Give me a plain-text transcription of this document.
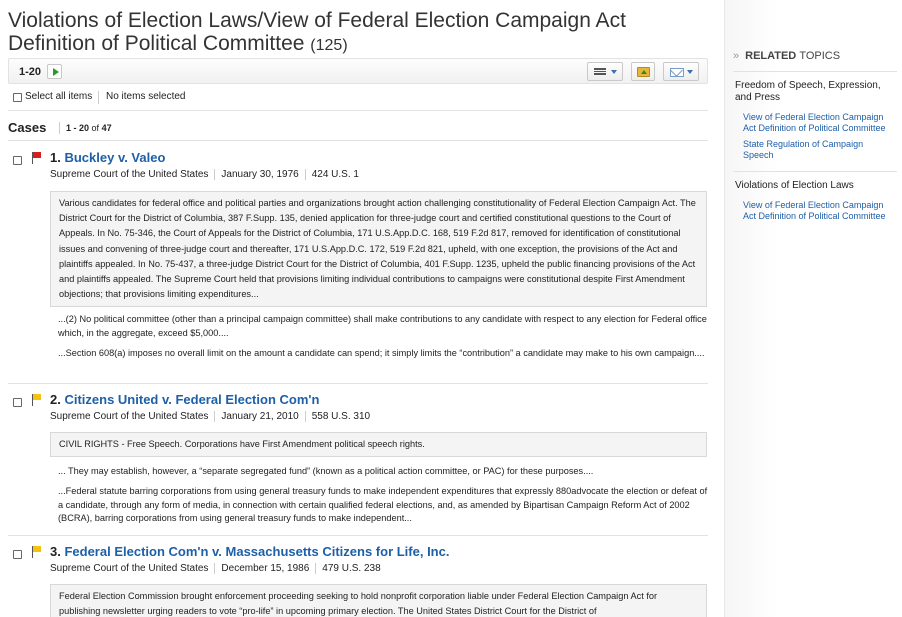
Violations of Election Laws/View of Federal Election Campaign Act Definition of Political Committee (125)
1-20
Select all items No items selected
Cases 1 - 20 of 47
1. Buckley v. Valeo
Supreme Court of the United States January 30, 1976 424 U.S. 1
Various candidates for federal office and political parties and organizations brought action challenging constitutionality of Federal Election Campaign Act. The District Court for the District of Columbia, 387 F.Supp. 135, denied application for three-judge court and certified constitutional questions to the Court of Appeals. In No. 75-346, the Court of Appeals for the District of Columbia, 171 U.S.App.D.C. 168, 519 F.2d 817, removed for identification of constitutional issues and convening of three-judge court and thereafter, 171 U.S.App.D.C. 172, 519 F.2d 821, upheld, with one exception, the provisions of the Act and plaintiffs appealed. In No. 75-437, a three-judge District Court for the District of Columbia, 401 F.Supp. 1235, upheld the public financing provisions of the Act and plaintiffs appealed. The Supreme Court held that provisions limiting individual contributions to campaigns were constitutional despite First Amendment objections; that provisions limiting expenditures...
...(2) No political committee (other than a principal campaign committee) shall make contributions to any candidate with respect to any election for Federal office which, in the aggregate, exceed $5,000....
...Section 608(a) imposes no overall limit on the amount a candidate can spend; it simply limits the “contribution” a candidate may make to his own campaign....
2. Citizens United v. Federal Election Com'n
Supreme Court of the United States January 21, 2010 558 U.S. 310
CIVIL RIGHTS - Free Speech. Corporations have First Amendment political speech rights.
... They may establish, however, a “separate segregated fund” (known as a political action committee, or PAC) for these purposes....
...Federal statute barring corporations from using general treasury funds to make independent expenditures that expressly 880advocate the election or defeat of a candidate, through any form of media, in connection with certain qualified federal elections, and, as amended by Bipartisan Campaign Reform Act of 2002 (BCRA), barring corporations from using general treasury funds to make independent...
3. Federal Election Com'n v. Massachusetts Citizens for Life, Inc.
Supreme Court of the United States December 15, 1986 479 U.S. 238
Federal Election Commission brought enforcement proceeding seeking to hold nonprofit corporation liable under Federal Election Campaign Act for publishing newsletter urging readers to vote “pro-life” in upcoming primary election. The United States District Court for the District of
» RELATED TOPICS
Freedom of Speech, Expression, and Press
View of Federal Election Campaign Act Definition of Political Committee
State Regulation of Campaign Speech
Violations of Election Laws
View of Federal Election Campaign Act Definition of Political Committee
